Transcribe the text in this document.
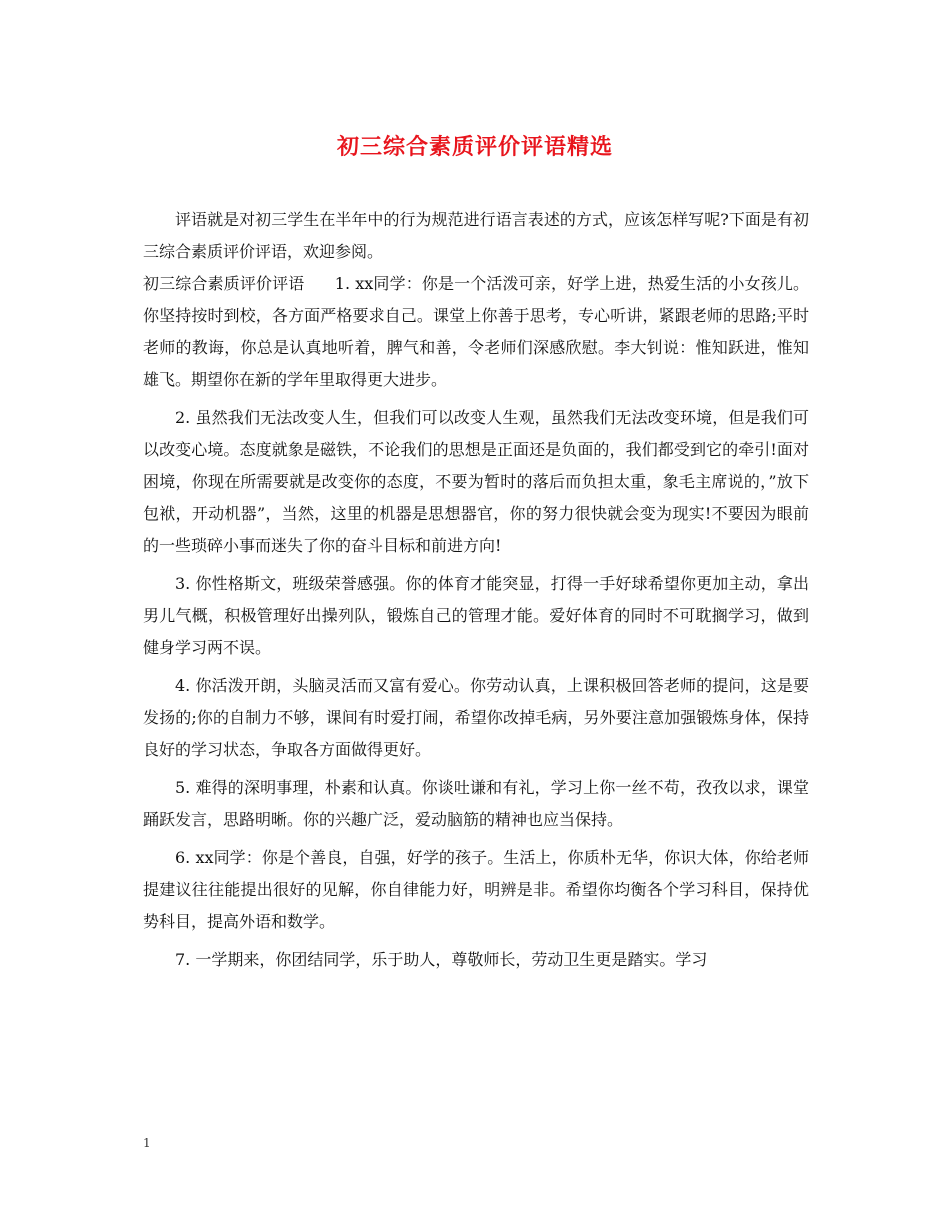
初三综合素质评价评语精选

评语就是对初三学生在半年中的行为规范进行语言表述的方式，应该怎样写呢?下面是有初三综合素质评价评语，欢迎参阅。

初三综合素质评价评语 1. xx同学：你是一个活泼可亲，好学上进，热爱生活的小女孩儿。你坚持按时到校，各方面严格要求自己。课堂上你善于思考，专心听讲，紧跟老师的思路;平时老师的教诲，你总是认真地听着，脾气和善，令老师们深感欣慰。李大钊说：惟知跃进，惟知雄飞。期望你在新的学年里取得更大进步。

2. 虽然我们无法改变人生，但我们可以改变人生观，虽然我们无法改变环境，但是我们可以改变心境。态度就象是磁铁，不论我们的思想是正面还是负面的，我们都受到它的牵引!面对困境，你现在所需要就是改变你的态度，不要为暂时的落后而负担太重，象毛主席说的，”放下包袱，开动机器”，当然，这里的机器是思想器官，你的努力很快就会变为现实!不要因为眼前的一些琐碎小事而迷失了你的奋斗目标和前进方向!

3. 你性格斯文，班级荣誉感强。你的体育才能突显，打得一手好球希望你更加主动，拿出男儿气概，积极管理好出操列队，锻炼自己的管理才能。爱好体育的同时不可耽搁学习，做到健身学习两不误。

4. 你活泼开朗，头脑灵活而又富有爱心。你劳动认真，上课积极回答老师的提问，这是要发扬的;你的自制力不够，课间有时爱打闹，希望你改掉毛病，另外要注意加强锻炼身体，保持良好的学习状态，争取各方面做得更好。

5. 难得的深明事理，朴素和认真。你谈吐谦和有礼，学习上你一丝不苟，孜孜以求，课堂踊跃发言，思路明晰。你的兴趣广泛，爱动脑筋的精神也应当保持。

6. xx同学：你是个善良，自强，好学的孩子。生活上，你质朴无华，你识大体，你给老师提建议往往能提出很好的见解，你自律能力好，明辨是非。希望你均衡各个学习科目，保持优势科目，提高外语和数学。

7. 一学期来，你团结同学，乐于助人，尊敬师长，劳动卫生更是踏实。学习

1
